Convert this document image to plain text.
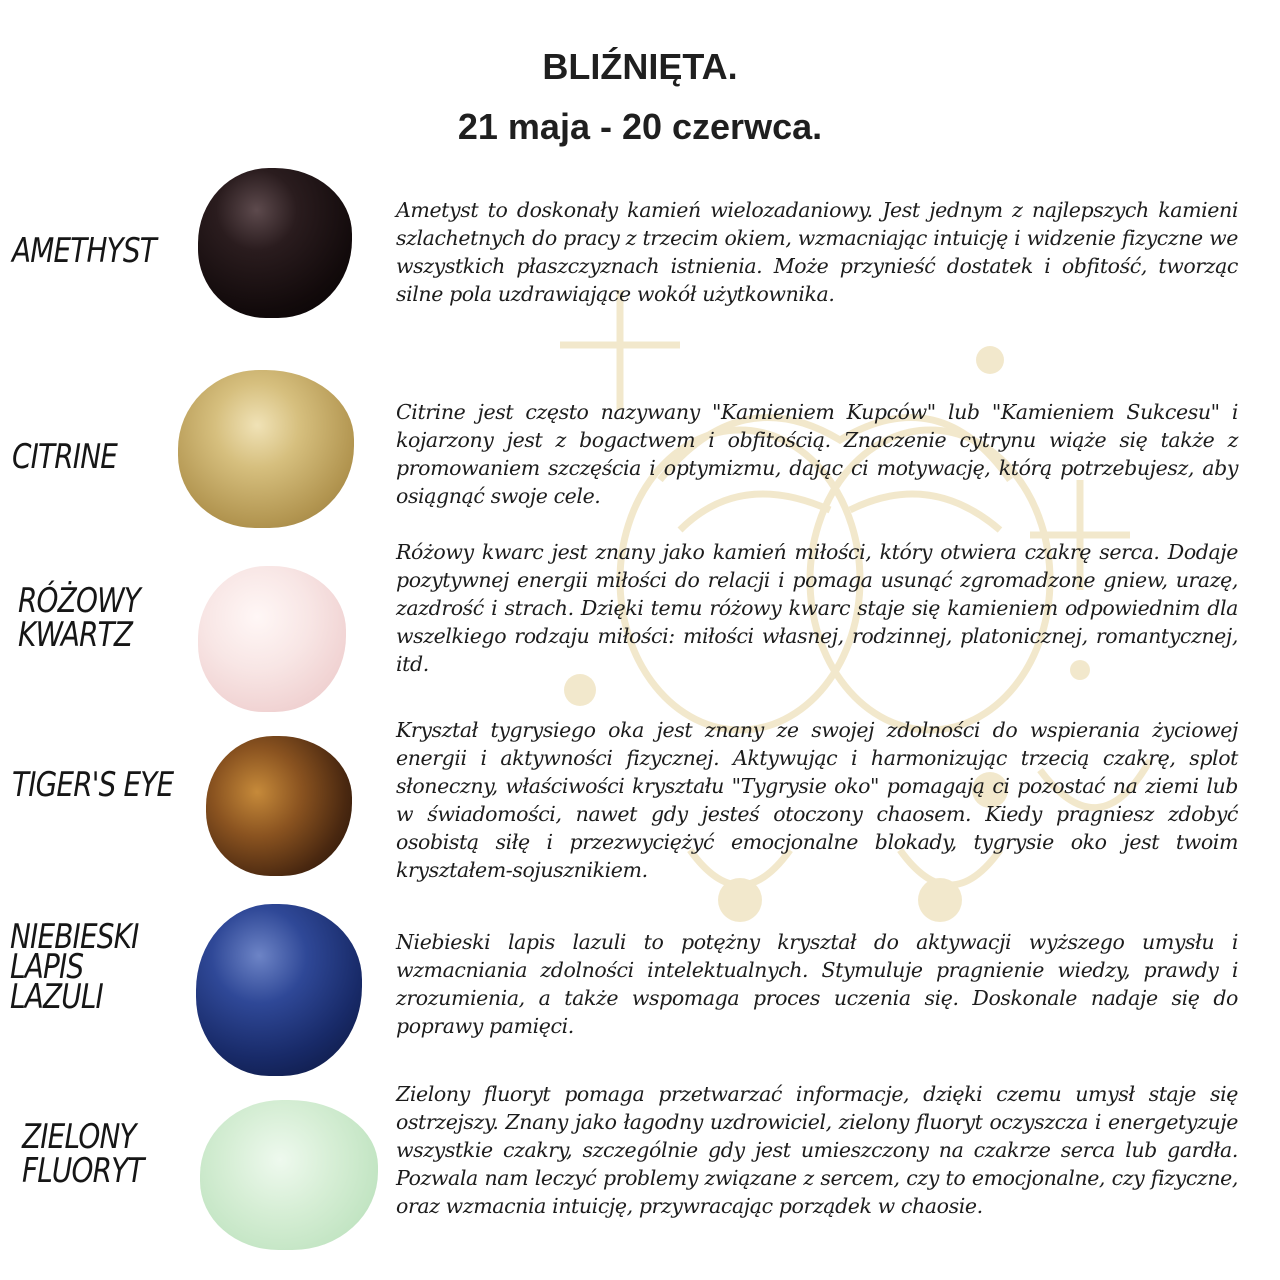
BLIŹNIĘTA.
21 maja - 20 czerwca.
AMETHYST
Ametyst to doskonały kamień wielozadaniowy. Jest jednym z najlepszych kamieni szlachetnych do pracy z trzecim okiem, wzmacniając intuicję i widzenie fizyczne we wszystkich płaszczyznach istnienia. Może przynieść dostatek i obfitość, tworząc silne pola uzdrawiające wokół użytkownika.
CITRINE
Citrine jest często nazywany "Kamieniem Kupców" lub "Kamieniem Sukcesu" i kojarzony jest z bogactwem i obfitością. Znaczenie cytrynu wiąże się także z promowaniem szczęścia i optymizmu, dając ci motywację, którą potrzebujesz, aby osiągnąć swoje cele.
RÓŻOWY
KWARTZ
Różowy kwarc jest znany jako kamień miłości, który otwiera czakrę serca. Dodaje pozytywnej energii miłości do relacji i pomaga usunąć zgromadzone gniew, urazę, zazdrość i strach. Dzięki temu różowy kwarc staje się kamieniem odpowiednim dla wszelkiego rodzaju miłości: miłości własnej, rodzinnej, platonicznej, romantycznej, itd.
TIGER'S EYE
Kryształ tygrysiego oka jest znany ze swojej zdolności do wspierania życiowej energii i aktywności fizycznej. Aktywując i harmonizując trzecią czakrę, splot słoneczny, właściwości kryształu "Tygrysie oko" pomagają ci pozostać na ziemi lub w świadomości, nawet gdy jesteś otoczony chaosem. Kiedy pragniesz zdobyć osobistą siłę i przezwyciężyć emocjonalne blokady, tygrysie oko jest twoim kryształem-sojusznikiem.
NIEBIESKI
LAPIS
LAZULI
Niebieski lapis lazuli to potężny kryształ do aktywacji wyższego umysłu i wzmacniania zdolności intelektualnych. Stymuluje pragnienie wiedzy, prawdy i zrozumienia, a także wspomaga proces uczenia się. Doskonale nadaje się do poprawy pamięci.
ZIELONY
FLUORYT
Zielony fluoryt pomaga przetwarzać informacje, dzięki czemu umysł staje się ostrzejszy. Znany jako łagodny uzdrowiciel, zielony fluoryt oczyszcza i energetyzuje wszystkie czakry, szczególnie gdy jest umieszczony na czakrze serca lub gardła. Pozwala nam leczyć problemy związane z sercem, czy to emocjonalne, czy fizyczne, oraz wzmacnia intuicję, przywracając porządek w chaosie.
